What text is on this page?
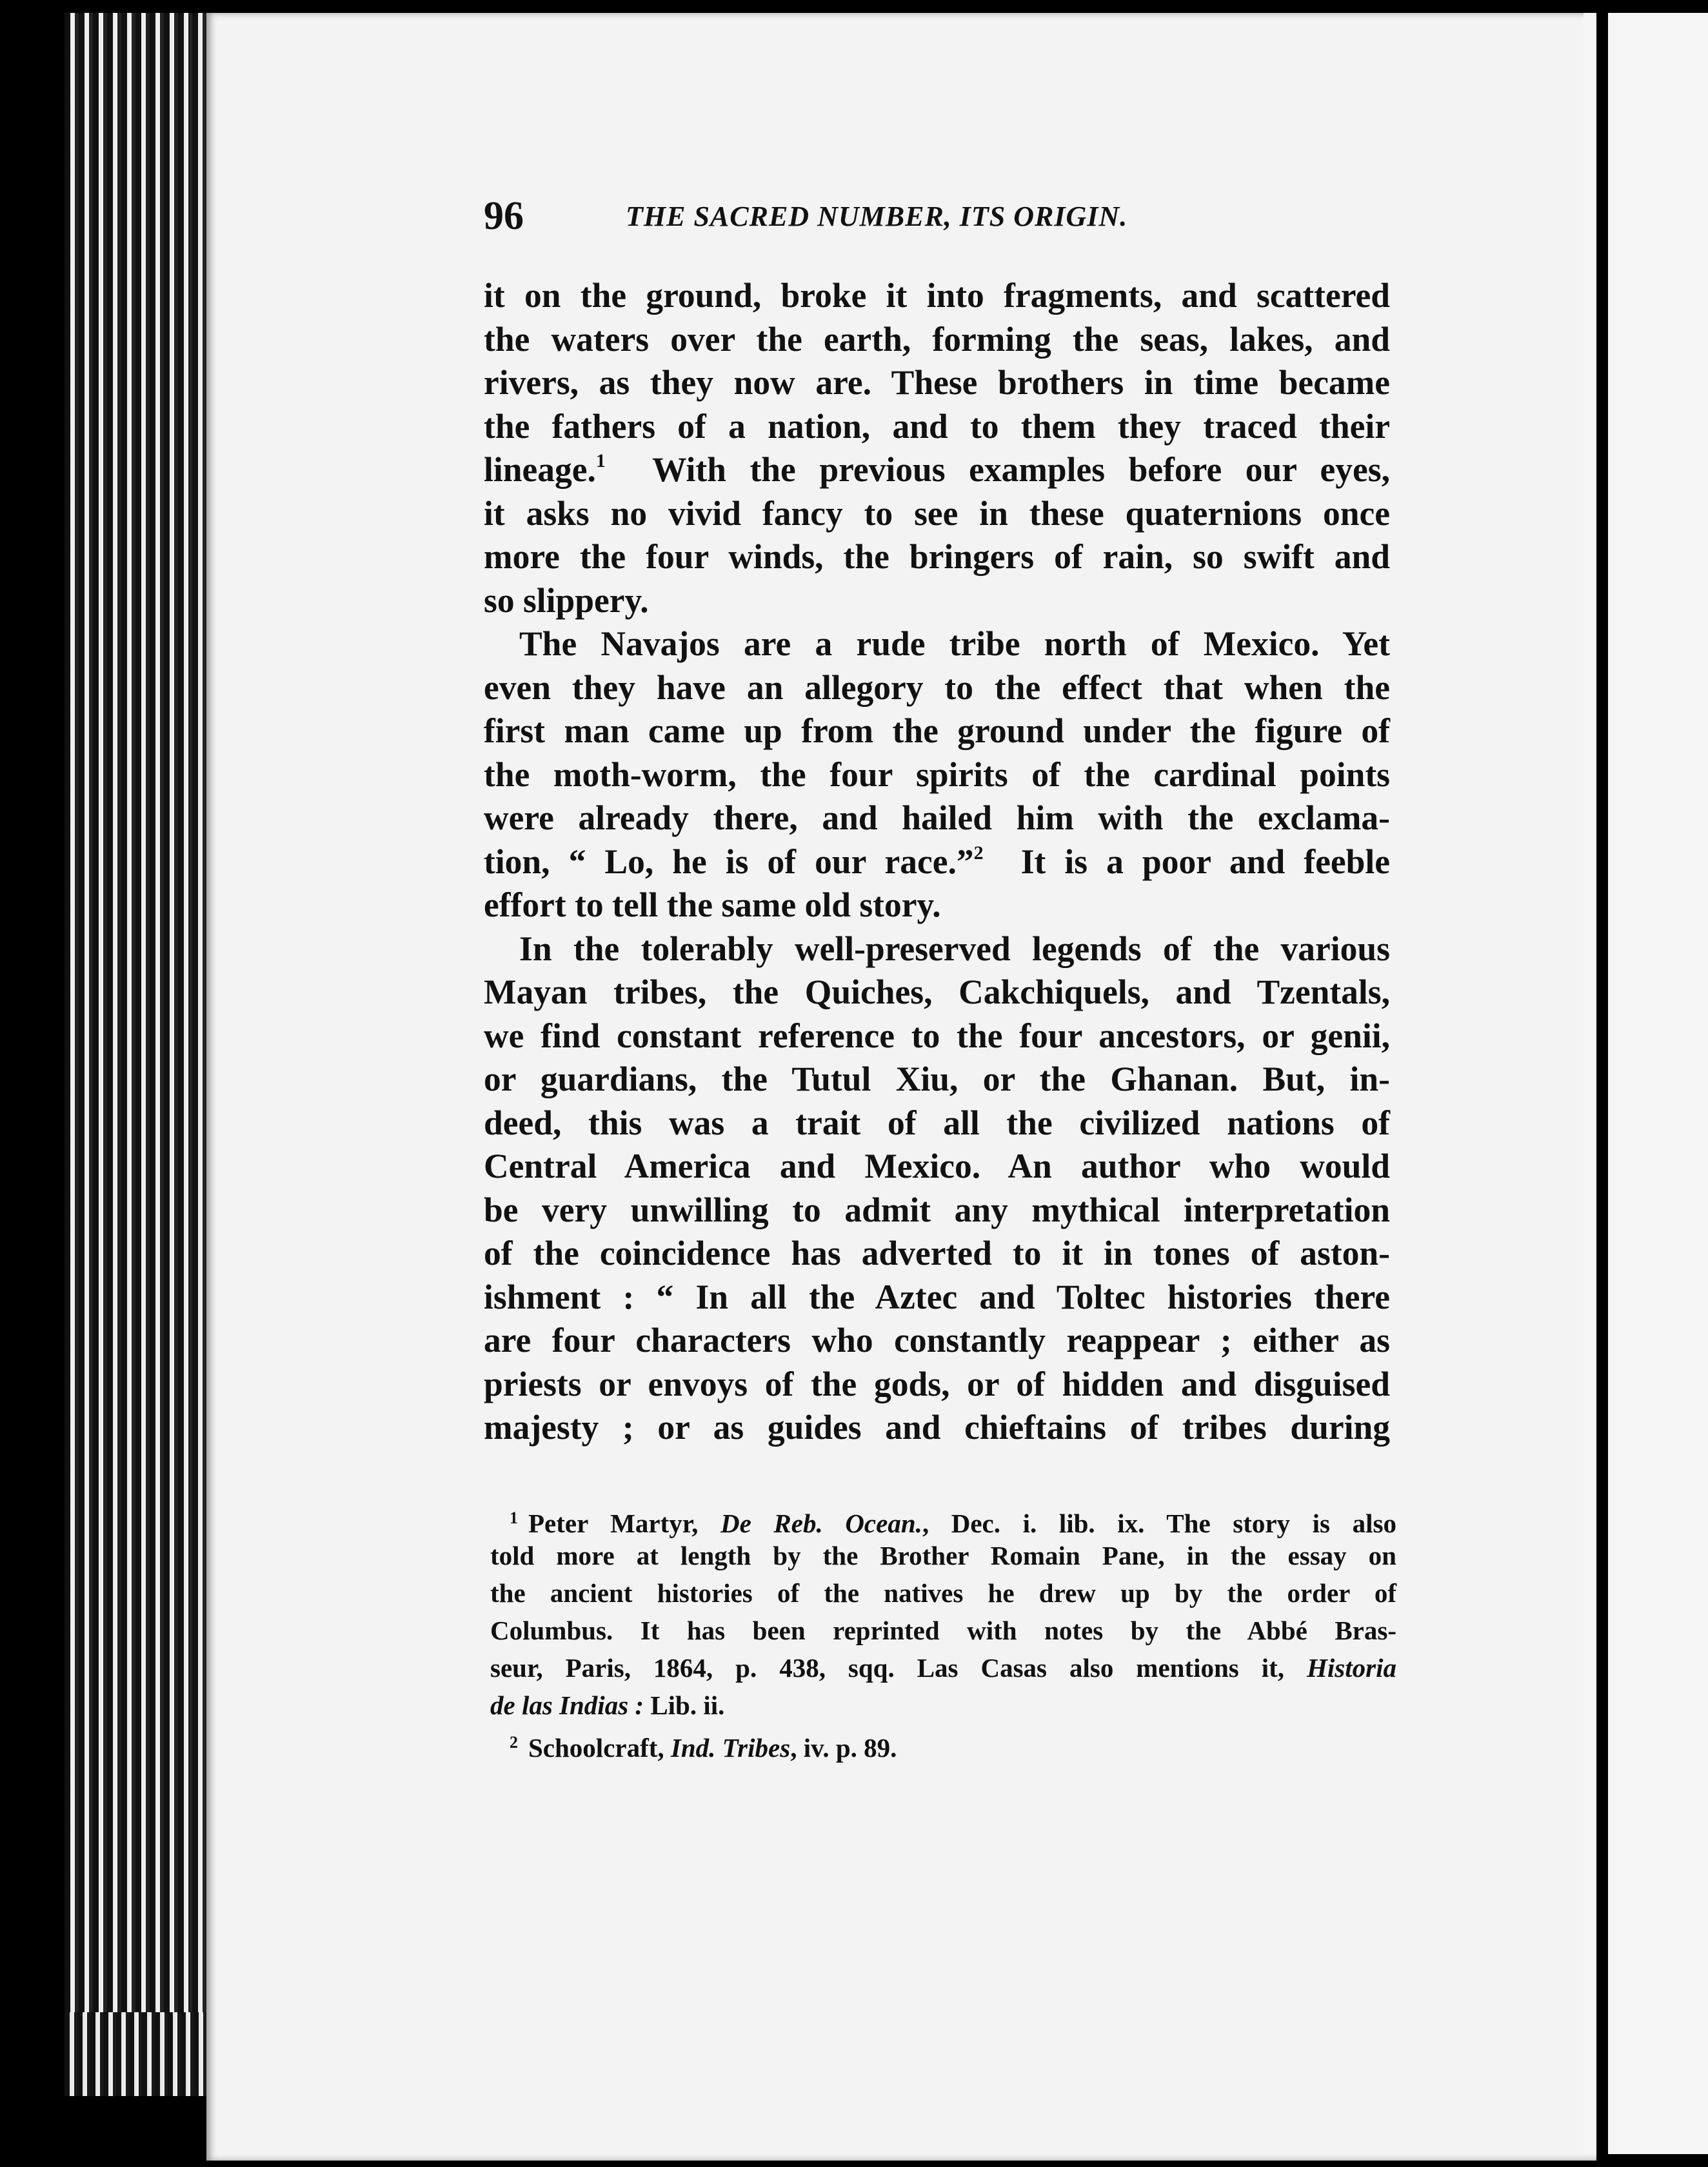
96	THE SACRED NUMBER, ITS ORIGIN.
it on the ground, broke it into fragments, and scattered
the waters over the earth, forming the seas, lakes, and
rivers, as they now are. These brothers in time became
the fathers of a nation, and to them they traced their
lineage.$^1$ With the previous examples before our eyes,
it asks no vivid fancy to see in these quaternions once
more the four winds, the bringers of rain, so swift and
so slippery.
The Navajos are a rude tribe north of Mexico. Yet
even they have an allegory to the effect that when the
first man came up from the ground under the figure of
the moth-worm, the four spirits of the cardinal points
were already there, and hailed him with the exclama-
tion, “ Lo, he is of our race.”$^2$ It is a poor and feeble
effort to tell the same old story.
In the tolerably well-preserved legends of the various
Mayan tribes, the Quiches, Cakchiquels, and Tzentals,
we find constant reference to the four ancestors, or genii,
or guardians, the Tutul Xiu, or the Ghanan. But, in-
deed, this was a trait of all the civilized nations of
Central America and Mexico. An author who would
be very unwilling to admit any mythical interpretation
of the coincidence has adverted to it in tones of aston-
ishment : “ In all the Aztec and Toltec histories there
are four characters who constantly reappear ; either as
priests or envoys of the gods, or of hidden and disguised
majesty ; or as guides and chieftains of tribes during
$^1$ Peter Martyr, De Reb. Ocean., Dec. i. lib. ix. The story is also
told more at length by the Brother Romain Pane, in the essay on
the ancient histories of the natives he drew up by the order of
Columbus. It has been reprinted with notes by the Abbé Bras-
seur, Paris, 1864, p. 438, sqq. Las Casas also mentions it, Historia
de las Indias : Lib. ii.
$^2$ Schoolcraft, Ind. Tribes, iv. p. 89.
